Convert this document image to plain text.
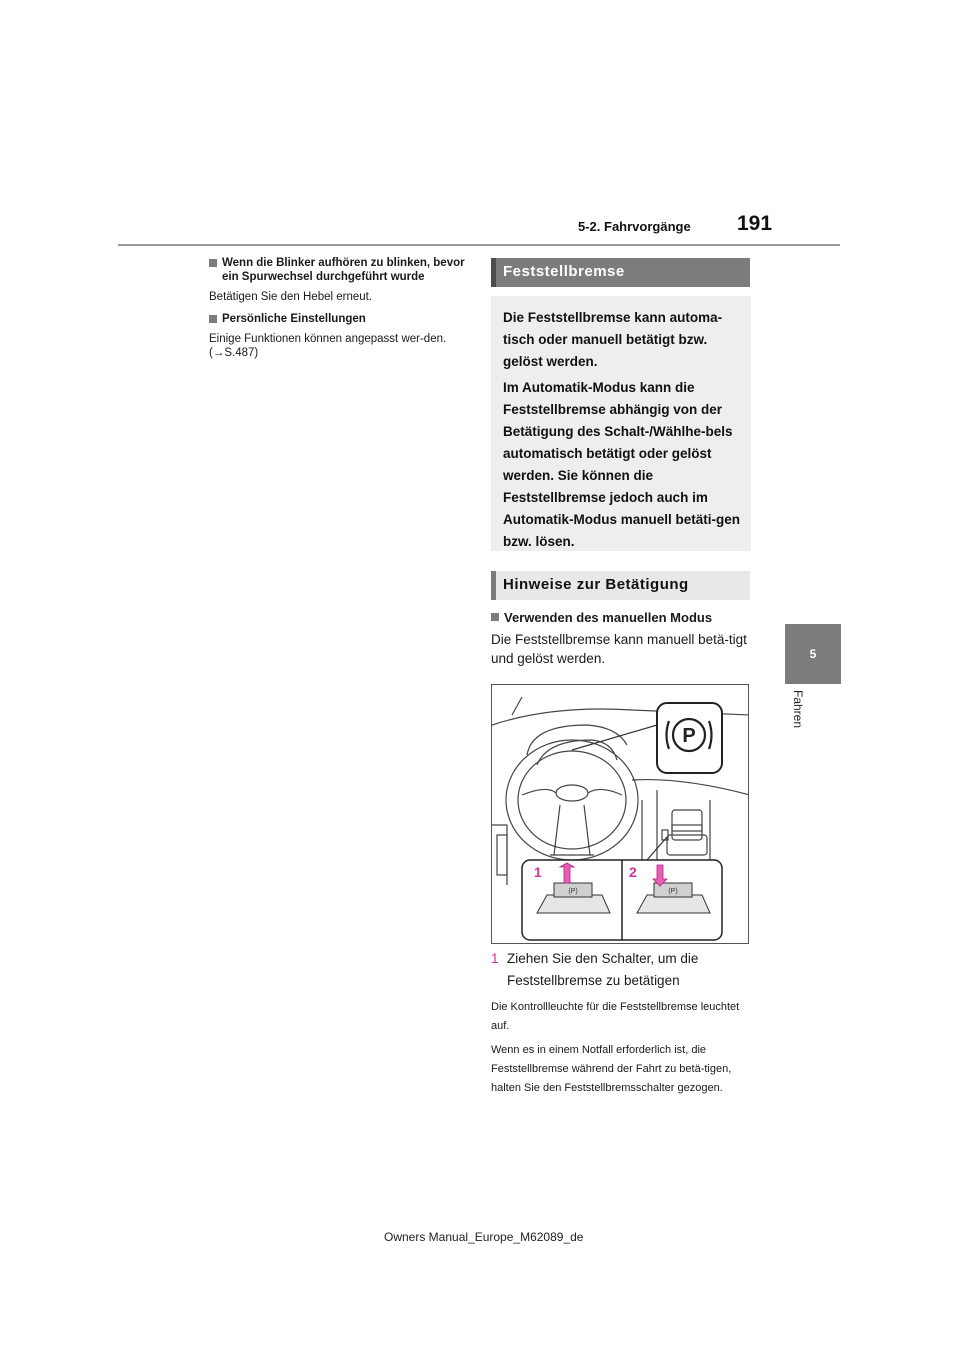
191
5-2. Fahrvorgänge
5
Fahren
Wenn die Blinker aufhören zu blinken, bevor ein Spurwechsel durchgeführt wurde

Betätigen Sie den Hebel erneut.

Persönliche Einstellungen

Einige Funktionen können angepasst wer-den. (→S.487)

Feststellbremse

Die Feststellbremse kann automa-tisch oder manuell betätigt bzw. gelöst werden.

Im Automatik-Modus kann die Feststellbremse abhängig von der Betätigung des Schalt-/Wählhe-bels automatisch betätigt oder gelöst werden. Sie können die Feststellbremse jedoch auch im Automatik-Modus manuell betäti-gen bzw. lösen.

Hinweise zur Betätigung
Verwenden des manuellen Modus
Die Feststellbremse kann manuell betä-tigt und gelöst werden.
P
(P)	(P)
1	2
1 Ziehen Sie den Schalter, um die Feststellbremse zu betätigen

Die Kontrollleuchte für die Feststellbremse leuchtet auf.

Wenn es in einem Notfall erforderlich ist, die Feststellbremse während der Fahrt zu betä-tigen, halten Sie den Feststellbremsschalter gezogen.

Owners Manual_Europe_M62089_de
